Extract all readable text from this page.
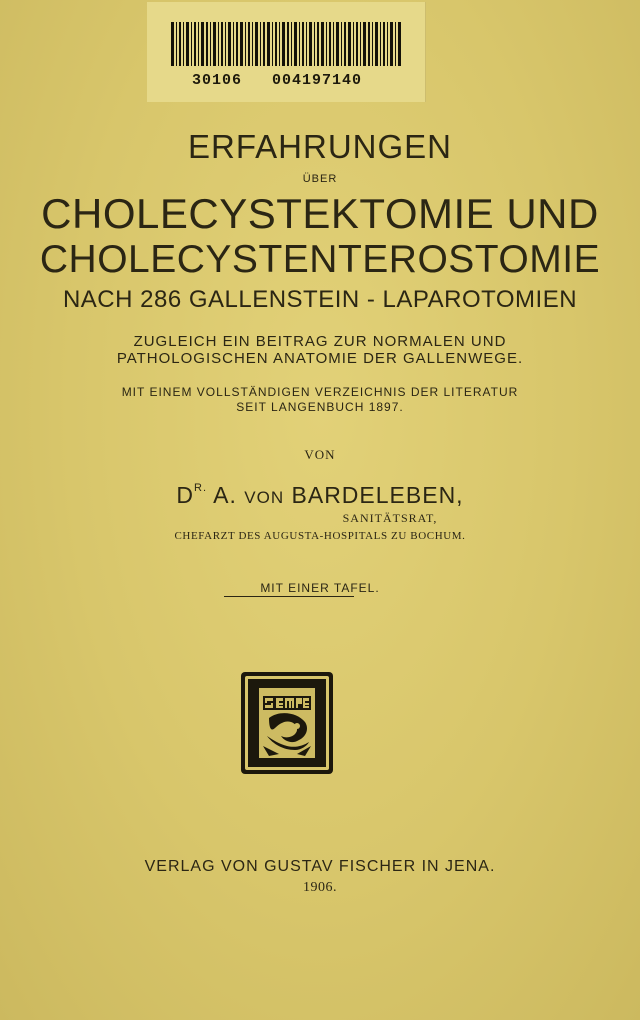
30106   004197140
ERFAHRUNGEN
ÜBER
CHOLECYSTEKTOMIE UND
CHOLECYSTENTEROSTOMIE
NACH 286 GALLENSTEIN - LAPAROTOMIEN
ZUGLEICH EIN BEITRAG ZUR NORMALEN UND
PATHOLOGISCHEN ANATOMIE DER GALLENWEGE.
MIT EINEM VOLLSTÄNDIGEN VERZEICHNIS DER LITERATUR
SEIT LANGENBUCH 1897.
VON
$D^{R.}$ A. VON BARDELEBEN,
SANITÄTSRAT,
CHEFARZT DES AUGUSTA-HOSPITALS ZU BOCHUM.
MIT EINER TAFEL.
VERLAG VON GUSTAV FISCHER IN JENA.
1906.
